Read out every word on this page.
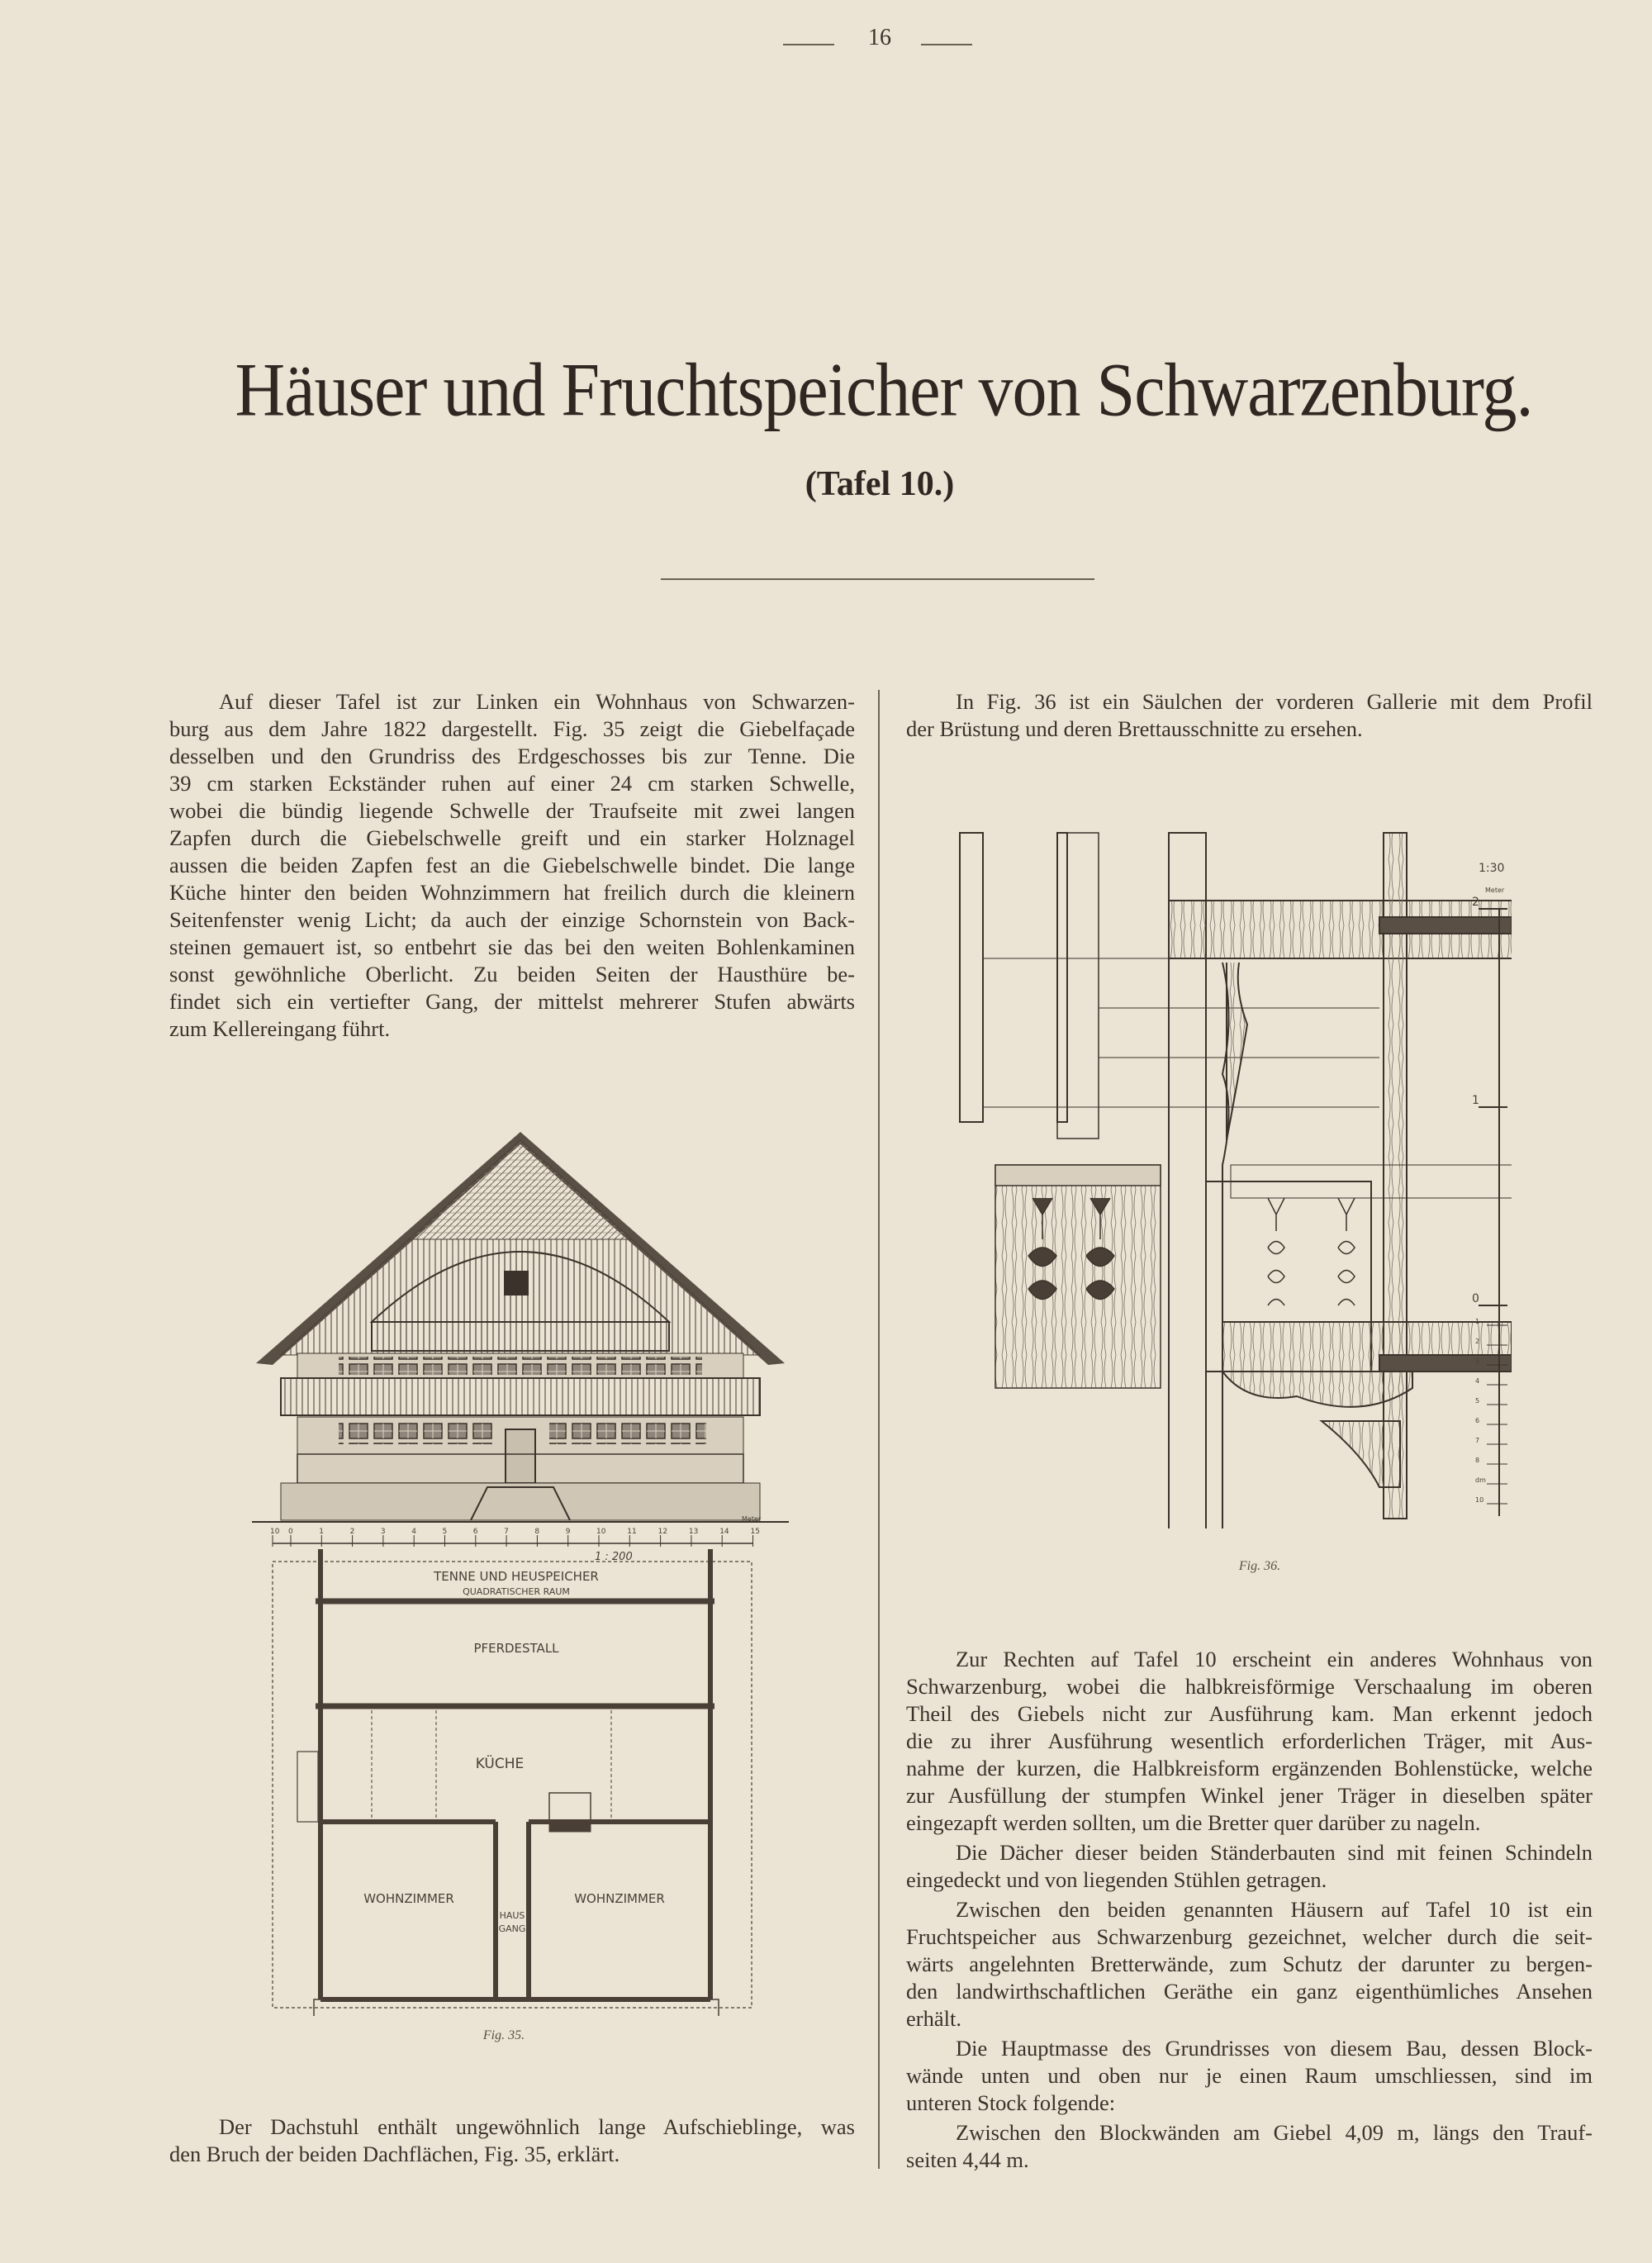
16
Häuser und Fruchtspeicher von Schwarzenburg.
(Tafel 10.)
Auf dieser Tafel ist zur Linken ein Wohnhaus von Schwarzen-
burg aus dem Jahre 1822 dargestellt. Fig. 35 zeigt die Giebelfaçade
desselben und den Grundriss des Erdgeschosses bis zur Tenne. Die
39 cm starken Eckständer ruhen auf einer 24 cm starken Schwelle,
wobei die bündig liegende Schwelle der Traufseite mit zwei langen
Zapfen durch die Giebelschwelle greift und ein starker Holznagel
aussen die beiden Zapfen fest an die Giebelschwelle bindet. Die lange
Küche hinter den beiden Wohnzimmern hat freilich durch die kleinern
Seitenfenster wenig Licht; da auch der einzige Schornstein von Back-
steinen gemauert ist, so entbehrt sie das bei den weiten Bohlenkaminen
sonst gewöhnliche Oberlicht. Zu beiden Seiten der Hausthüre be-
findet sich ein vertiefter Gang, der mittelst mehrerer Stufen abwärts
zum Kellereingang führt.
Der Dachstuhl enthält ungewöhnlich lange Aufschieblinge, was
den Bruch der beiden Dachflächen, Fig. 35, erklärt.
In Fig. 36 ist ein Säulchen der vorderen Gallerie mit dem Profil
der Brüstung und deren Brettausschnitte zu ersehen.
Zur Rechten auf Tafel 10 erscheint ein anderes Wohnhaus von
Schwarzenburg, wobei die halbkreisförmige Verschaalung im oberen
Theil des Giebels nicht zur Ausführung kam. Man erkennt jedoch
die zu ihrer Ausführung wesentlich erforderlichen Träger, mit Aus-
nahme der kurzen, die Halbkreisform ergänzenden Bohlenstücke, welche
zur Ausfüllung der stumpfen Winkel jener Träger in dieselben später
eingezapft werden sollten, um die Bretter quer darüber zu nageln.
Die Dächer dieser beiden Ständerbauten sind mit feinen Schindeln
eingedeckt und von liegenden Stühlen getragen.
Zwischen den beiden genannten Häusern auf Tafel 10 ist ein
Fruchtspeicher aus Schwarzenburg gezeichnet, welcher durch die seit-
wärts angelehnten Bretterwände, zum Schutz der darunter zu bergen-
den landwirthschaftlichen Geräthe ein ganz eigenthümliches Ansehen
erhält.
Die Hauptmasse des Grundrisses von diesem Bau, dessen Block-
wände unten und oben nur je einen Raum umschliessen, sind im
unteren Stock folgende:
Zwischen den Blockwänden am Giebel 4,09 m, längs den Trauf-
seiten 4,44 m.
10 0	1	2	3	4	5	6	7	8	9	10	11	12	13	14	15
1 : 200
Meter
TENNE UND HEUSPEICHER
QUADRATISCHER RAUM
PFERDESTALL
KÜCHE
WOHNZIMMER	WOHNZIMMER
HAUS
GANG
Fig. 35.
1:30
Meter
2
1
0
1
2
3
4
5
6
7
8
dm
10
Fig. 36.
